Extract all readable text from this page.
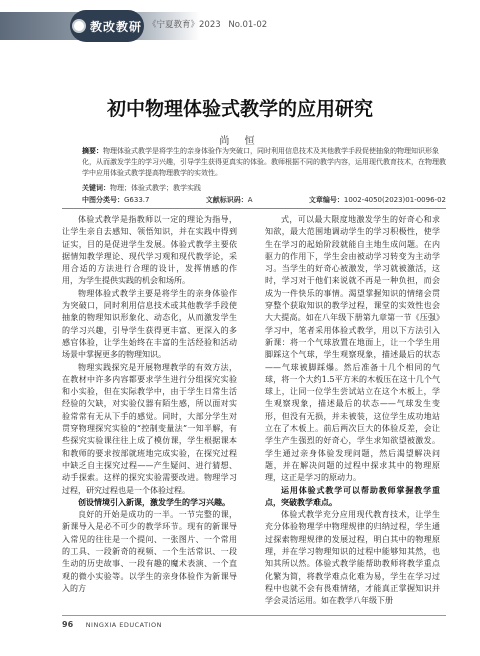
教改教研 《宁夏教育》2023 No.01-02
初中物理体验式教学的应用研究
尚 恒
摘要：物理体验式教学是将学生的亲身体验作为突破口，同时利用信息技术及其他教学手段促使抽象的物理知识形象化，从而激发学生的学习兴趣，引导学生获得更真实的体验。教师根据不同的教学内容，运用现代教育技术，在物理教学中应用体验式教学提高物理教学的实效性。
关键词：物理；体验式教学；教学实践
中图分类号：G633.7	文献标识码：A	文章编号：1002-4050(2023)01-0096-02

体验式教学是指教师以一定的理论为指导，让学生亲自去感知、领悟知识，并在实践中得到证实，目的是促进学生发展。体验式教学主要依据情知教学理论、现代学习观和现代教学论，采用合适的方法进行合理的设计，发挥情感的作用，为学生提供实践的机会和场所。

物理体验式教学主要是将学生的亲身体验作为突破口，同时利用信息技术或其他教学手段使抽象的物理知识形象化、动态化，从而激发学生的学习兴趣，引导学生获得更丰富、更深入的多感官体验，让学生始终在丰富的生活经验和活动场景中掌握更多的物理知识。

物理实践探究是开展物理教学的有效方法，在教材中许多内容都要求学生进行分组探究实验和小实验，但在实际教学中，由于学生日常生活经验的欠缺，对实验仪器有陌生感，所以面对实验常常有无从下手的感觉。同时，大部分学生对贯穿物理探究实验的“控制变量法”一知半解，有些探究实验课往往上成了模仿课，学生根据课本和教师的要求按部就班地完成实验，在探究过程中缺乏自主探究过程——产生疑问、进行猜想、动手探索。这样的探究实验需要改进。物理学习过程，研究过程也是一个体验过程。

创设情境引入新课，激发学生的学习兴趣。

良好的开始是成功的一半。一节完整的课，新课导入是必不可少的教学环节。现有的新课导入常见的往往是一个提问、一张图片、一个常用的工具、一段新奇的视频、一个生活常识、一段生动的历史故事、一段有趣的魔术表演、一个直观的微小实验等。以学生的亲身体验作为新课导入的方

式，可以最大限度地激发学生的好奇心和求知欲，最大范围地调动学生的学习积极性，使学生在学习的起始阶段就能自主地生成问题。在内驱力的作用下，学生会由被动学习转变为主动学习。当学生的好奇心被激发，学习就被激活，这时，学习对于他们来说就不再是一种负担，而会成为一件快乐的事情。渴望掌握知识的情绪会贯穿整个获取知识的教学过程，课堂的实效性也会大大提高。如在八年级下册第九章第一节《压强》学习中，笔者采用体验式教学，用以下方法引入新课：将一个气球放置在地面上，让一个学生用脚踩这个气球，学生观察现象，描述最后的状态——气球被脚踩爆。然后准备十几个相同的气球，将一个大约1.5平方米的木板压在这十几个气球上，让同一位学生尝试站立在这个木板上，学生观察现象，描述最后的状态——气球发生变形，但没有无损，并未被装，这位学生成功地站立在了木板上。前后两次巨大的体验反差，会让学生产生强烈的好奇心，学生求知欲望被激发。学生通过亲身体验发现问题，然后渴望解决问题，并在解决问题的过程中探求其中的物理原理，这正是学习的原动力。

运用体验式教学可以帮助教师掌握教学重点，突破教学难点。

体验式教学充分应用现代教育技术，让学生充分体验物理学中物理规律的归纳过程，学生通过探索物理规律的发展过程，明白其中的物理原理，并在学习物理知识的过程中能够知其然，也知其所以然。体验式教学能帮助教师将教学重点化繁为简，将教学难点化难为易，学生在学习过程中也就不会有畏难情绪，才能真正掌握知识并学会灵活运用。如在教学八年级下册

96 NINGXIA EDUCATION
